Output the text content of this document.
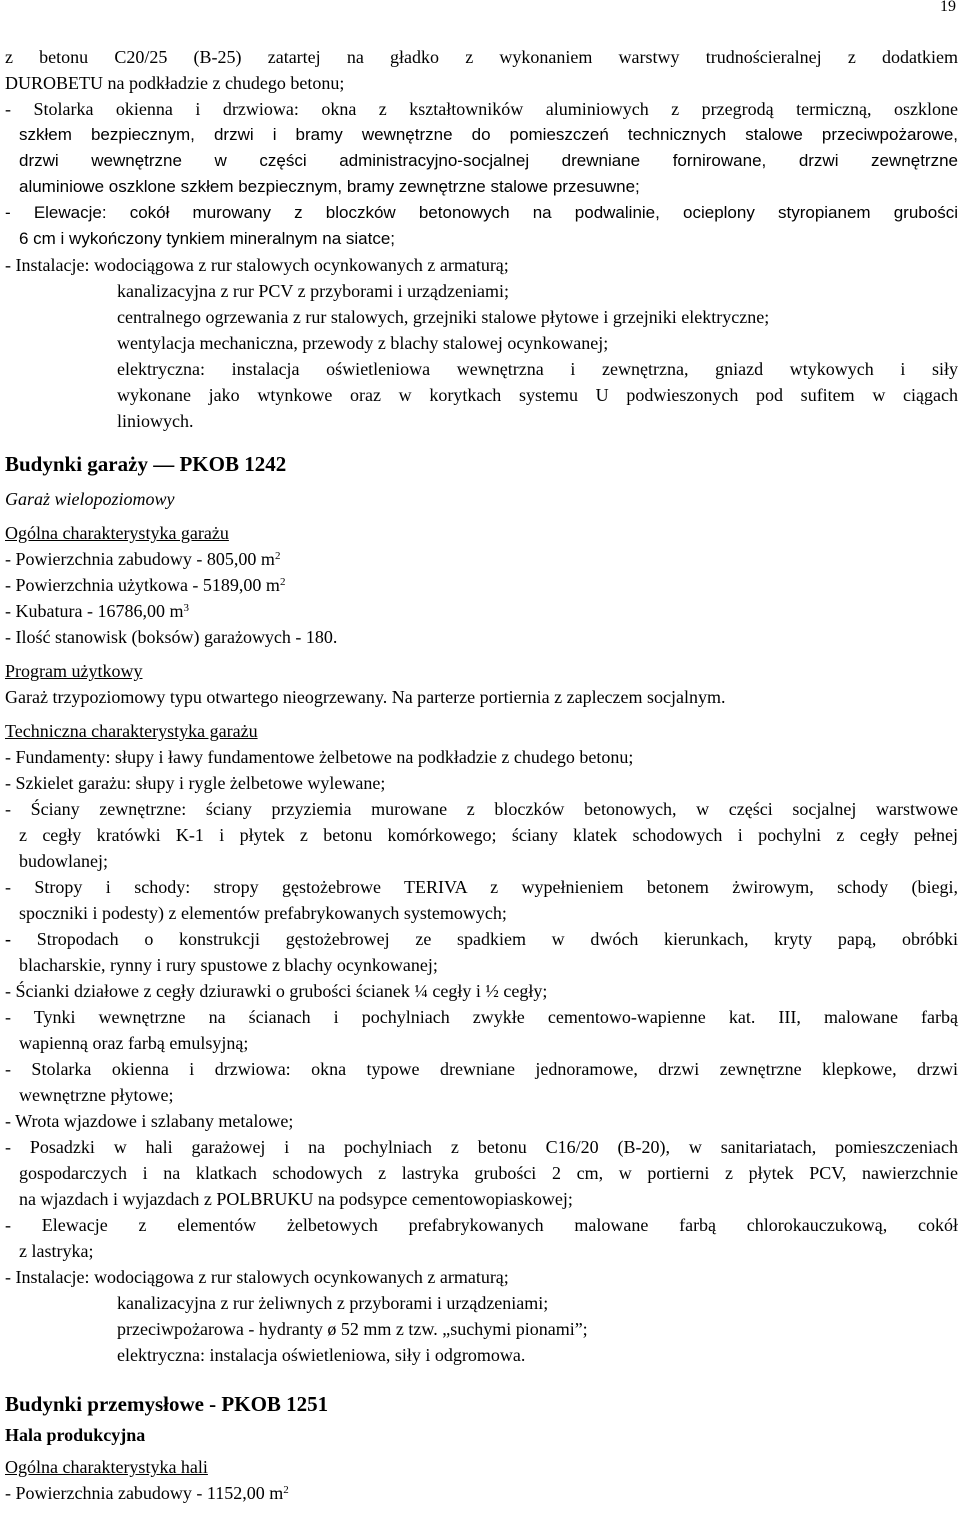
19

z betonu C20/25 (B-25) zatartej na gładko z wykonaniem warstwy trudnościeralnej z dodatkiem

DUROBETU na podkładzie z chudego betonu;

- Stolarka okienna i drzwiowa: okna z kształtowników aluminiowych z przegrodą termiczną, oszklone

szkłem bezpiecznym, drzwi i bramy wewnętrzne do pomieszczeń technicznych stalowe przeciwpożarowe,

drzwi wewnętrzne w części administracyjno-socjalnej drewniane fornirowane, drzwi zewnętrzne

aluminiowe oszklone szkłem bezpiecznym, bramy zewnętrzne stalowe przesuwne;

- Elewacje: cokół murowany z bloczków betonowych na podwalinie, ocieplony styropianem grubości

6 cm i wykończony tynkiem mineralnym na siatce;

- Instalacje: wodociągowa z rur stalowych ocynkowanych z armaturą;

kanalizacyjna z rur PCV z przyborami i urządzeniami;

centralnego ogrzewania z rur stalowych, grzejniki stalowe płytowe i grzejniki elektryczne;

wentylacja mechaniczna, przewody z blachy stalowej ocynkowanej;

elektryczna: instalacja oświetleniowa wewnętrzna i zewnętrzna, gniazd wtykowych i siły

wykonane jako wtynkowe oraz w korytkach systemu U podwieszonych pod sufitem w ciągach

liniowych.

Budynki garaży — PKOB 1242

Garaż wielopoziomowy

Ogólna charakterystyka garażu

- Powierzchnia zabudowy - 805,00 $m^2$

- Powierzchnia użytkowa - 5189,00 $m^2$

- Kubatura - 16786,00 $m^3$

- Ilość stanowisk (boksów) garażowych - 180.

Program użytkowy

Garaż trzypoziomowy typu otwartego nieogrzewany. Na parterze portiernia z zapleczem socjalnym.

Techniczna charakterystyka garażu

- Fundamenty: słupy i ławy fundamentowe żelbetowe na podkładzie z chudego betonu;

- Szkielet garażu: słupy i rygle żelbetowe wylewane;

- Ściany zewnętrzne: ściany przyziemia murowane z bloczków betonowych, w części socjalnej warstwowe

z cegły kratówki K-1 i płytek z betonu komórkowego; ściany klatek schodowych i pochylni z cegły pełnej

budowlanej;

- Stropy i schody: stropy gęstożebrowe TERIVA z wypełnieniem betonem żwirowym, schody (biegi,

spoczniki i podesty) z elementów prefabrykowanych systemowych;

- Stropodach o konstrukcji gęstożebrowej ze spadkiem w dwóch kierunkach, kryty papą, obróbki

blacharskie, rynny i rury spustowe z blachy ocynkowanej;

- Ścianki działowe z cegły dziurawki o grubości ścianek ¼ cegły i ½ cegły;

- Tynki wewnętrzne na ścianach i pochylniach zwykłe cementowo-wapienne kat. III, malowane farbą

wapienną oraz farbą emulsyjną;

- Stolarka okienna i drzwiowa: okna typowe drewniane jednoramowe, drzwi zewnętrzne klepkowe, drzwi

wewnętrzne płytowe;

- Wrota wjazdowe i szlabany metalowe;

- Posadzki w hali garażowej i na pochylniach z betonu C16/20 (B-20), w sanitariatach, pomieszczeniach

gospodarczych i na klatkach schodowych z lastryka grubości 2 cm, w portierni z płytek PCV, nawierzchnie

na wjazdach i wyjazdach z POLBRUKU na podsypce cementowopiaskowej;

- Elewacje z elementów żelbetowych prefabrykowanych malowane farbą chlorokauczukową, cokół

z lastryka;

- Instalacje: wodociągowa z rur stalowych ocynkowanych z armaturą;

kanalizacyjna z rur żeliwnych z przyborami i urządzeniami;

przeciwpożarowa - hydranty ø 52 mm z tzw. „suchymi pionami”;

elektryczna: instalacja oświetleniowa, siły i odgromowa.

Budynki przemysłowe - PKOB 1251

Hala produkcyjna

Ogólna charakterystyka hali

- Powierzchnia zabudowy - 1152,00 $m^2$
